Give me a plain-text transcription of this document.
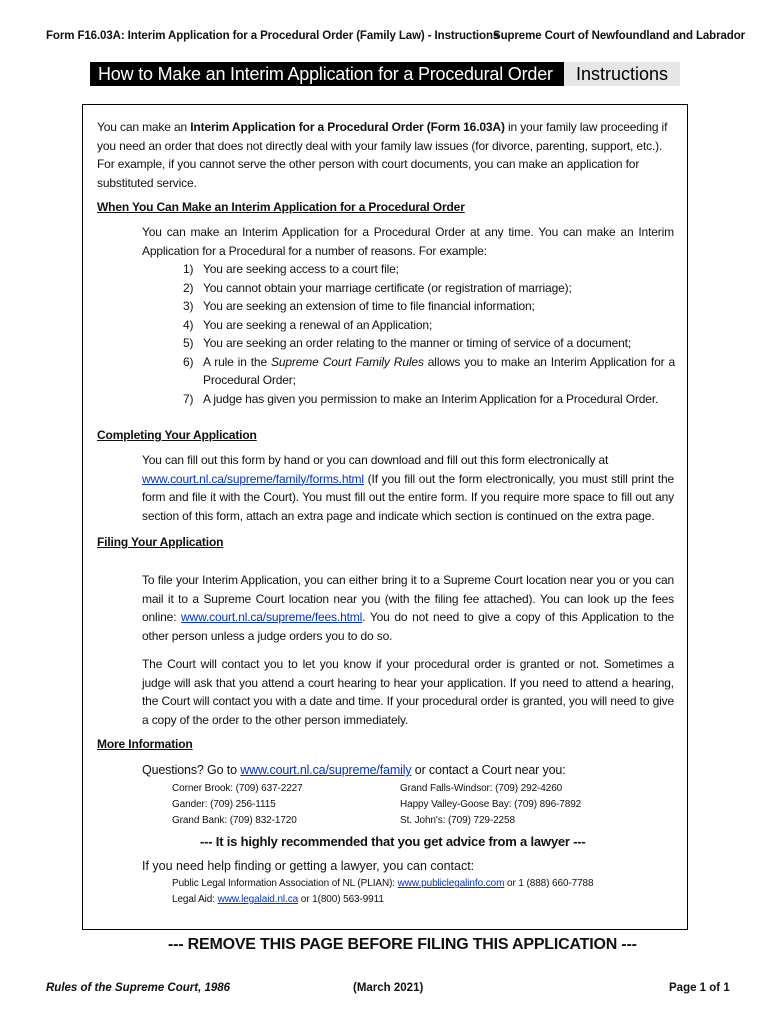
Form F16.03A: Interim Application for a Procedural Order (Family Law) - Instructions
Supreme Court of Newfoundland and Labrador
How to Make an Interim Application for a Procedural Order	Instructions
You can make an Interim Application for a Procedural Order (Form 16.03A) in your family law proceeding if you need an order that does not directly deal with your family law issues (for divorce, parenting, support, etc.).
For example, if you cannot serve the other person with court documents, you can make an application for substituted service.
When You Can Make an Interim Application for a Procedural Order
You can make an Interim Application for a Procedural Order at any time. You can make an Interim Application for a Procedural for a number of reasons. For example:
1) You are seeking access to a court file;
2) You cannot obtain your marriage certificate (or registration of marriage);
3) You are seeking an extension of time to file financial information;
4) You are seeking a renewal of an Application;
5) You are seeking an order relating to the manner or timing of service of a document;
6) A rule in the Supreme Court Family Rules allows you to make an Interim Application for a Procedural Order;
7) A judge has given you permission to make an Interim Application for a Procedural Order.
Completing Your Application
You can fill out this form by hand or you can download and fill out this form electronically at
www.court.nl.ca/supreme/family/forms.html (If you fill out the form electronically, you must still print the form and file it with the Court). You must fill out the entire form. If you require more space to fill out any section of this form, attach an extra page and indicate which section is continued on the extra page.
Filing Your Application
To file your Interim Application, you can either bring it to a Supreme Court location near you or you can mail it to a Supreme Court location near you (with the filing fee attached). You can look up the fees online: www.court.nl.ca/supreme/fees.html. You do not need to give a copy of this Application to the other person unless a judge orders you to do so.
The Court will contact you to let you know if your procedural order is granted or not. Sometimes a judge will ask that you attend a court hearing to hear your application. If you need to attend a hearing, the Court will contact you with a date and time. If your procedural order is granted, you will need to give a copy of the order to the other person immediately.
More Information
Questions? Go to www.court.nl.ca/supreme/family or contact a Court near you:
Corner Brook: (709) 637-2227
Gander: (709) 256-1115
Grand Bank: (709) 832-1720
Grand Falls-Windsor: (709) 292-4260
Happy Valley-Goose Bay: (709) 896-7892
St. John's: (709) 729-2258
--- It is highly recommended that you get advice from a lawyer ---
If you need help finding or getting a lawyer, you can contact:
Public Legal Information Association of NL (PLIAN): www.publiclegalinfo.com or 1 (888) 660-7788
Legal Aid: www.legalaid.nl.ca or 1(800) 563-9911
--- REMOVE THIS PAGE BEFORE FILING THIS APPLICATION ---
Rules of the Supreme Court, 1986	(March 2021)	Page 1 of 1
